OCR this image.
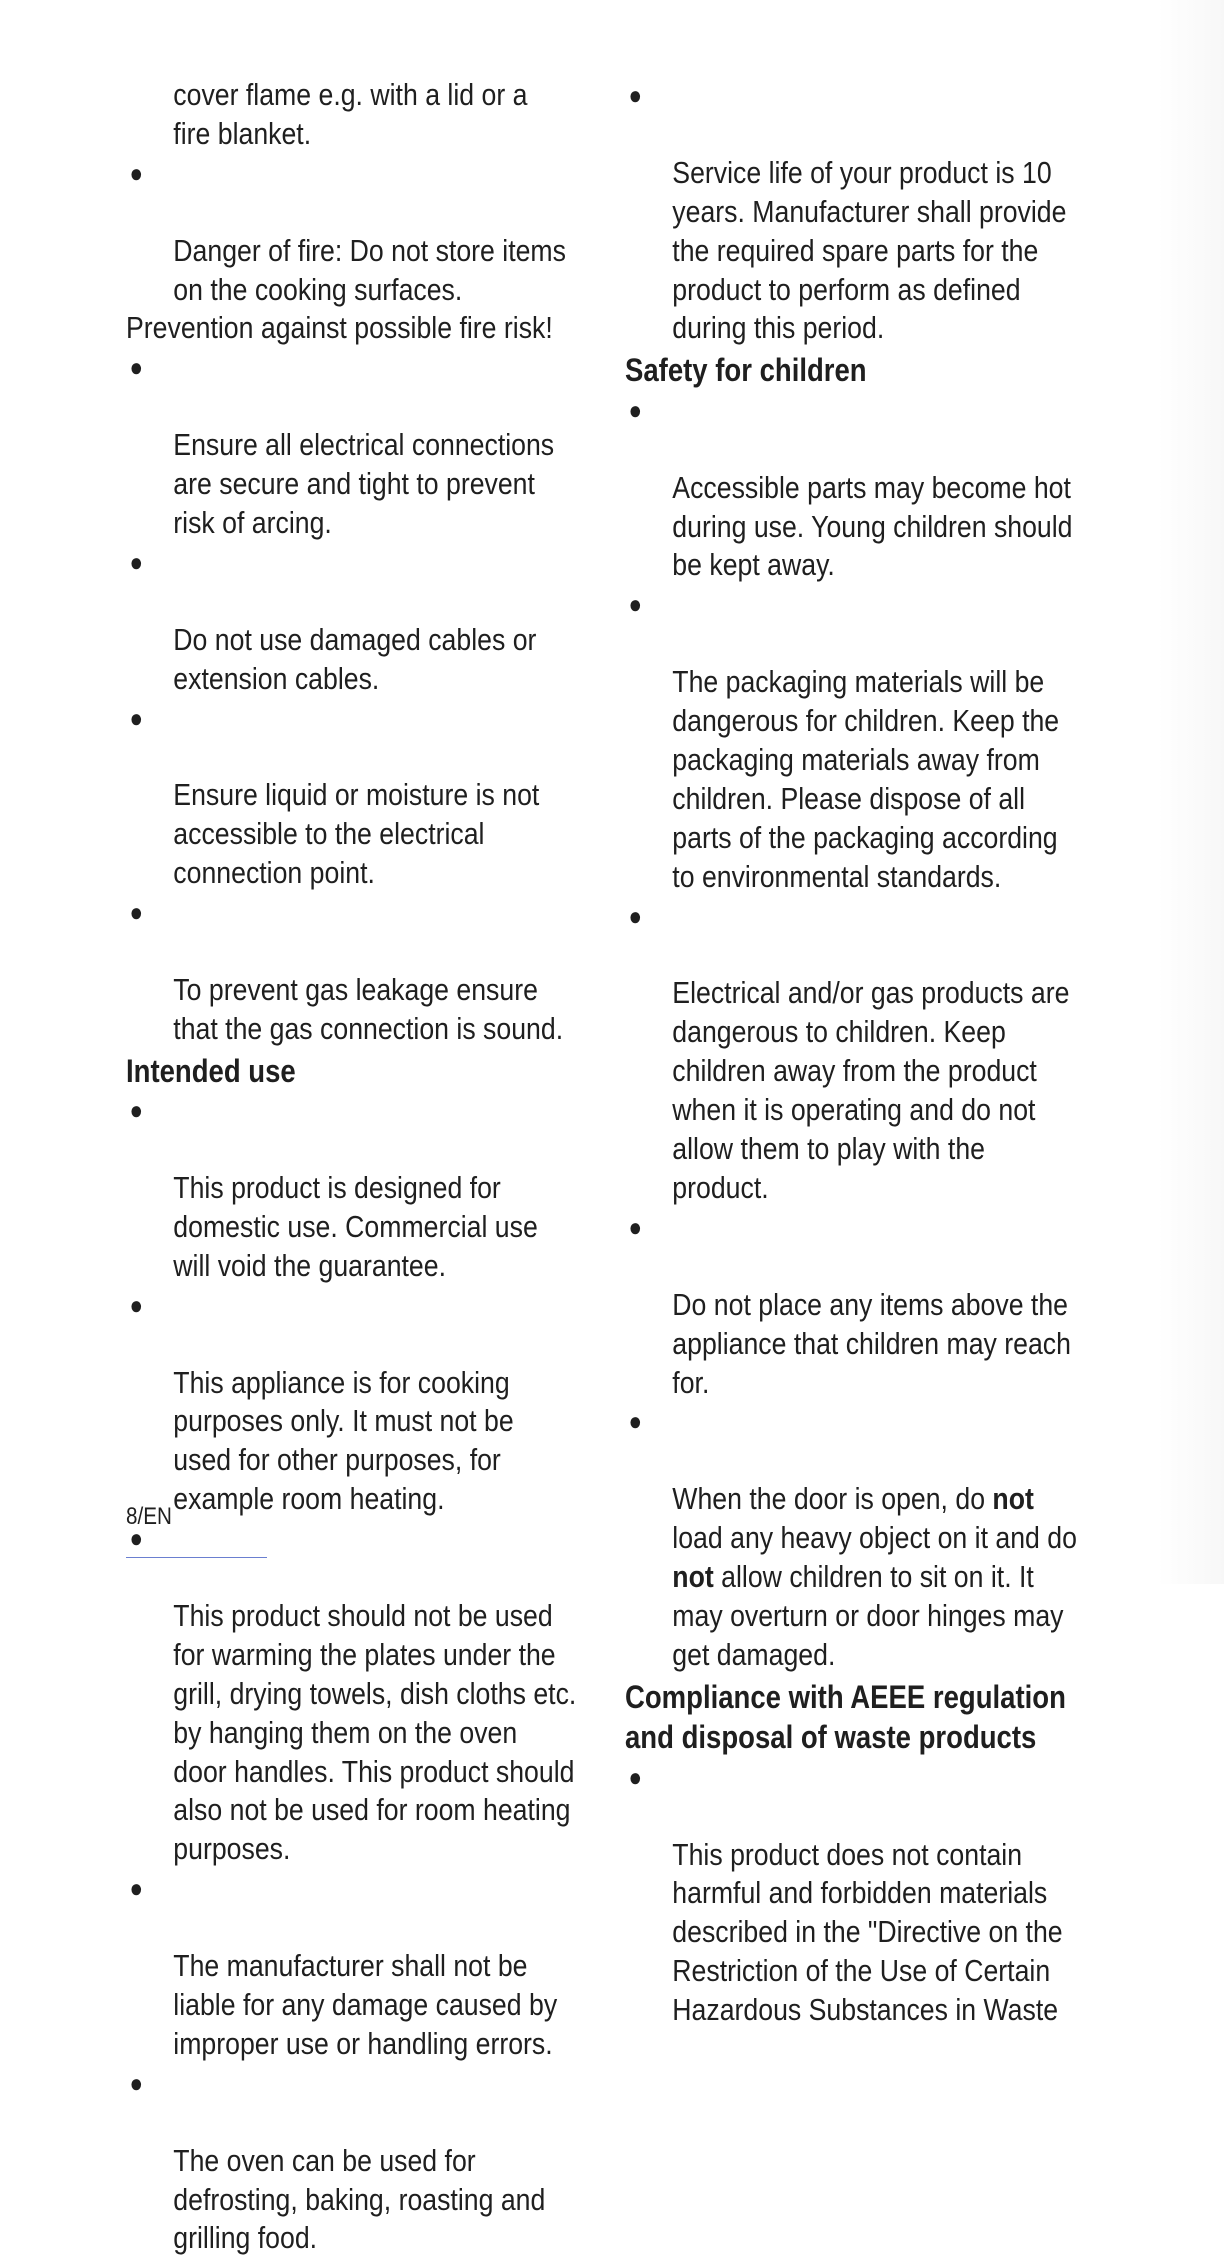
cover flame e.g. with a lid or a
fire blanket.

●

Danger of fire: Do not store items
on the cooking surfaces.

Prevention against possible fire risk!

●

Ensure all electrical connections
are secure and tight to prevent
risk of arcing.

●

Do not use damaged cables or
extension cables.

●

Ensure liquid or moisture is not
accessible to the electrical
connection point.

●

To prevent gas leakage ensure
that the gas connection is sound.

Intended use

●

This product is designed for
domestic use. Commercial use
will void the guarantee.

●

This appliance is for cooking
purposes only. It must not be
used for other purposes, for
example room heating.

●

This product should not be used
for warming the plates under the
grill, drying towels, dish cloths etc.
by hanging them on the oven
door handles. This product should
also not be used for room heating
purposes.

●

The manufacturer shall not be
liable for any damage caused by
improper use or handling errors.

●

The oven can be used for
defrosting, baking, roasting and
grilling food.

●

Service life of your product is 10
years. Manufacturer shall provide
the required spare parts for the
product to perform as defined
during this period.

Safety for children

●

Accessible parts may become hot
during use. Young children should
be kept away.

●

The packaging materials will be
dangerous for children. Keep the
packaging materials away from
children. Please dispose of all
parts of the packaging according
to environmental standards.

●

Electrical and/or gas products are
dangerous to children. Keep
children away from the product
when it is operating and do not
allow them to play with the
product.

●

Do not place any items above the
appliance that children may reach
for.

●

When the door is open, do not
load any heavy object on it and do
not allow children to sit on it. It
may overturn or door hinges may
get damaged.

Compliance with AEEE regulation
and disposal of waste products

●

This product does not contain
harmful and forbidden materials
described in the "Directive on the
Restriction of the Use of Certain
Hazardous Substances in Waste

8/EN
